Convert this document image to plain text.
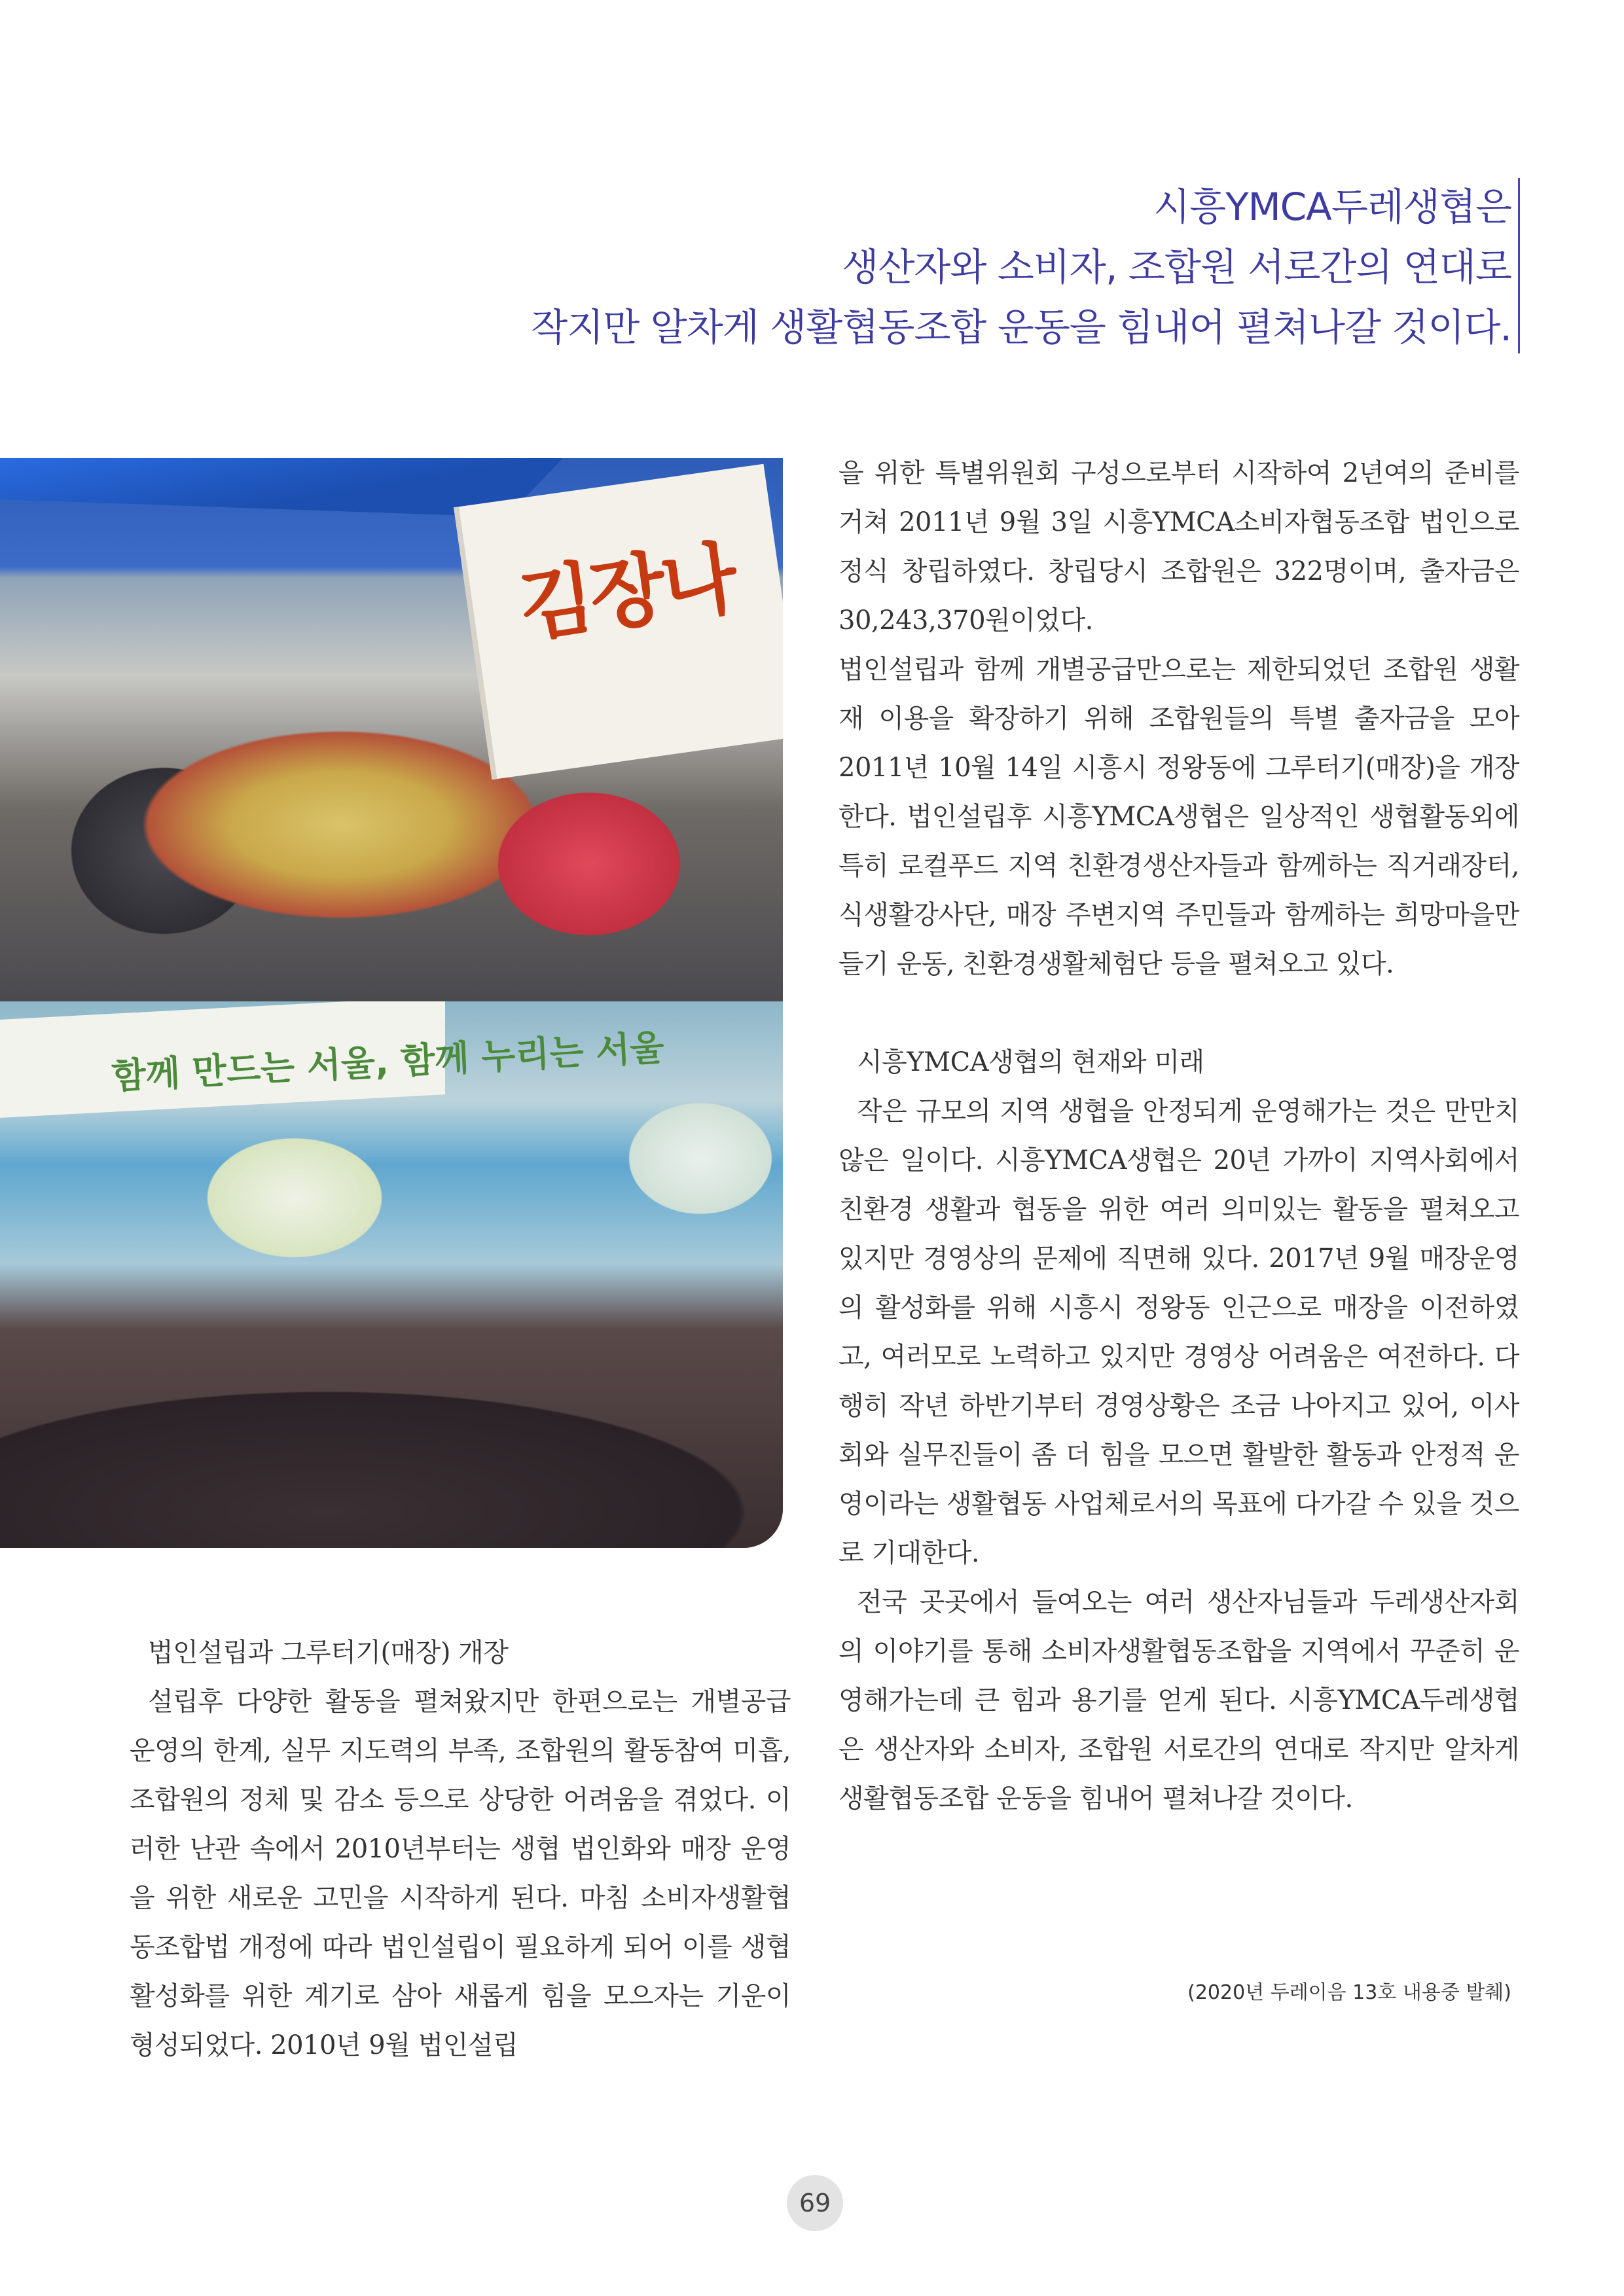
시흥YMCA두레생협은
생산자와 소비자, 조합원 서로간의 연대로
작지만 알차게 생활협동조합 운동을 힘내어 펼쳐나갈 것이다.
김장나
함께 만드는 서울, 함께 누리는 서울

을 위한 특별위원회 구성으로부터 시작하여 2년여의 준비를 거쳐 2011년 9월 3일 시흥YMCA소비자협동조합 법인으로 정식 창립하였다. 창립당시 조합원은 322명이며, 출자금은 30,243,370원이었다.

법인설립과 함께 개별공급만으로는 제한되었던 조합원 생활재 이용을 확장하기 위해 조합원들의 특별 출자금을 모아 2011년 10월 14일 시흥시 정왕동에 그루터기(매장)을 개장한다. 법인설립후 시흥YMCA생협은 일상적인 생협활동외에 특히 로컬푸드 지역 친환경생산자들과 함께하는 직거래장터, 식생활강사단, 매장 주변지역 주민들과 함께하는 희망마을만들기 운동, 친환경생활체험단 등을 펼쳐오고 있다.

시흥YMCA생협의 현재와 미래

작은 규모의 지역 생협을 안정되게 운영해가는 것은 만만치 않은 일이다. 시흥YMCA생협은 20년 가까이 지역사회에서 친환경 생활과 협동을 위한 여러 의미있는 활동을 펼쳐오고 있지만 경영상의 문제에 직면해 있다. 2017년 9월 매장운영의 활성화를 위해 시흥시 정왕동 인근으로 매장을 이전하였고, 여러모로 노력하고 있지만 경영상 어려움은 여전하다. 다행히 작년 하반기부터 경영상황은 조금 나아지고 있어, 이사회와 실무진들이 좀 더 힘을 모으면 활발한 활동과 안정적 운영이라는 생활협동 사업체로서의 목표에 다가갈 수 있을 것으로 기대한다.

전국 곳곳에서 들여오는 여러 생산자님들과 두레생산자회의 이야기를 통해 소비자생활협동조합을 지역에서 꾸준히 운영해가는데 큰 힘과 용기를 얻게 된다. 시흥YMCA두레생협은 생산자와 소비자, 조합원 서로간의 연대로 작지만 알차게 생활협동조합 운동을 힘내어 펼쳐나갈 것이다.

법인설립과 그루터기(매장) 개장

설립후 다양한 활동을 펼쳐왔지만 한편으로는 개별공급 운영의 한계, 실무 지도력의 부족, 조합원의 활동참여 미흡, 조합원의 정체 및 감소 등으로 상당한 어려움을 겪었다. 이러한 난관 속에서 2010년부터는 생협 법인화와 매장 운영을 위한 새로운 고민을 시작하게 된다. 마침 소비자생활협동조합법 개정에 따라 법인설립이 필요하게 되어 이를 생협 활성화를 위한 계기로 삼아 새롭게 힘을 모으자는 기운이 형성되었다. 2010년 9월 법인설립

(2020년 두레이음 13호 내용중 발췌)
69
